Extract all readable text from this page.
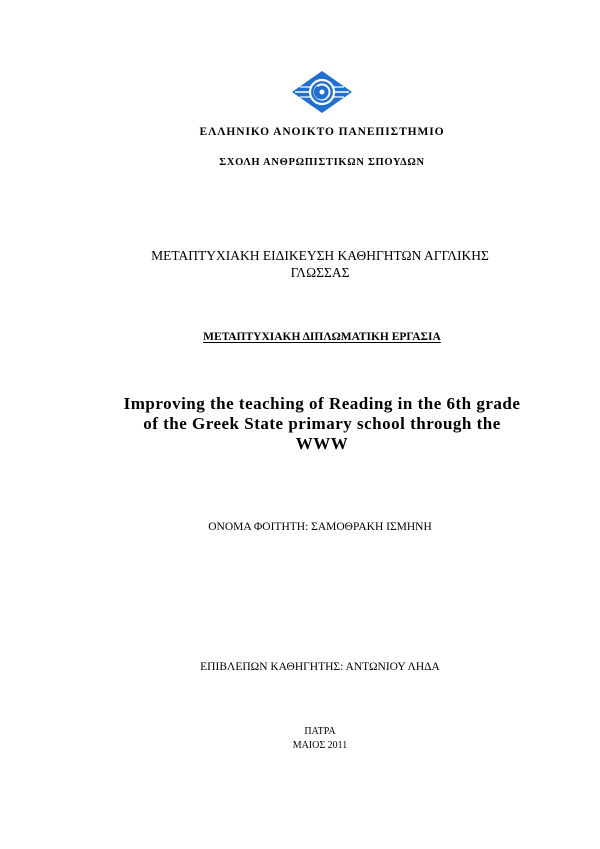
ΕΛΛΗΝΙΚΟ ΑΝΟΙΚΤΟ ΠΑΝΕΠΙΣΤΗΜΙΟ
ΣΧΟΛΗ ΑΝΘΡΩΠΙΣΤΙΚΩΝ ΣΠΟΥΔΩΝ
ΜΕΤΑΠΤΥΧΙΑΚΗ ΕΙΔΙΚΕΥΣΗ ΚΑΘΗΓΗΤΩΝ ΑΓΓΛΙΚΗΣ
ΓΛΩΣΣΑΣ
ΜΕΤΑΠΤΥΧΙΑΚΗ ΔΙΠΛΩΜΑΤΙΚΗ ΕΡΓΑΣΙΑ
Improving the teaching of Reading in the 6th grade
of the Greek State primary school through the
WWW
ΟΝΟΜΑ ΦΟΙΤΗΤΗ: ΣΑΜΟΘΡΑΚΗ ΙΣΜΗΝΗ
ΕΠΙΒΛΕΠΩΝ ΚΑΘΗΓΗΤΗΣ: ΑΝΤΩΝΙΟΥ ΛΗΔΑ
ΠΑΤΡΑ
ΜΑΙΟΣ 2011
